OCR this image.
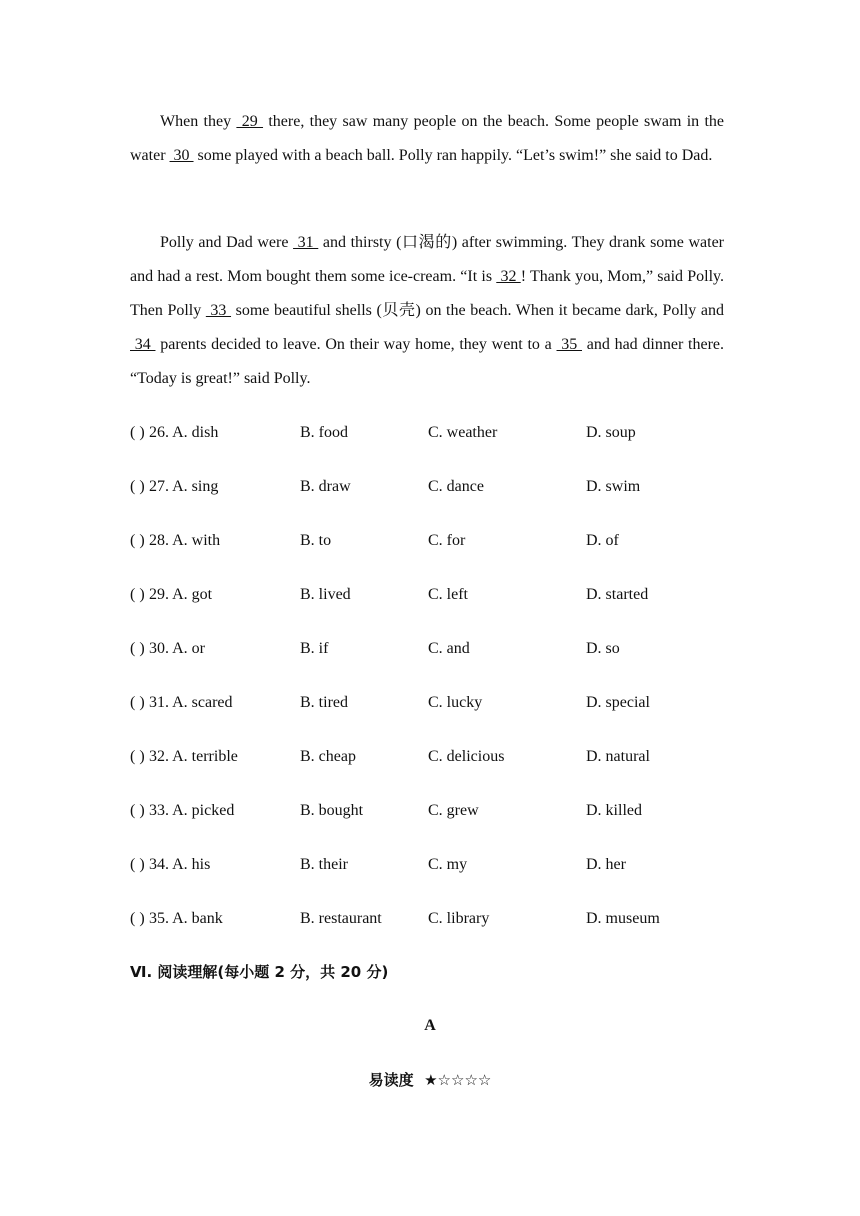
When they  29  there, they saw many people on the beach. Some people swam in the water  30  some played with a beach ball. Polly ran happily. “Let’s swim!” she said to Dad.

Polly and Dad were  31  and thirsty (口渴的) after swimming. They drank some water and had a rest. Mom bought them some ice-cream. “It is  32 ! Thank you, Mom,” said Polly. Then Polly  33  some beautiful shells (贝壳) on the beach. When it became dark, Polly and  34  parents decided to leave. On their way home, they went to a  35  and had dinner there. “Today is great!” said Polly.

( ) 26. A. dish	B. food	C. weather	D. soup
( ) 27. A. sing	B. draw	C. dance	D. swim
( ) 28. A. with	B. to	C. for	D. of
( ) 29. A. got	B. lived	C. left	D. started
( ) 30. A. or	B. if	C. and	D. so
( ) 31. A. scared	B. tired	C. lucky	D. special
( ) 32. A. terrible	B. cheap	C. delicious	D. natural
( ) 33. A. picked	B. bought	C. grew	D. killed
( ) 34. A. his	B. their	C. my	D. her
( ) 35. A. bank	B. restaurant	C. library	D. museum
Ⅵ. 阅读理解(每小题 2 分，共 20 分)
A
易读度 ★☆☆☆☆
